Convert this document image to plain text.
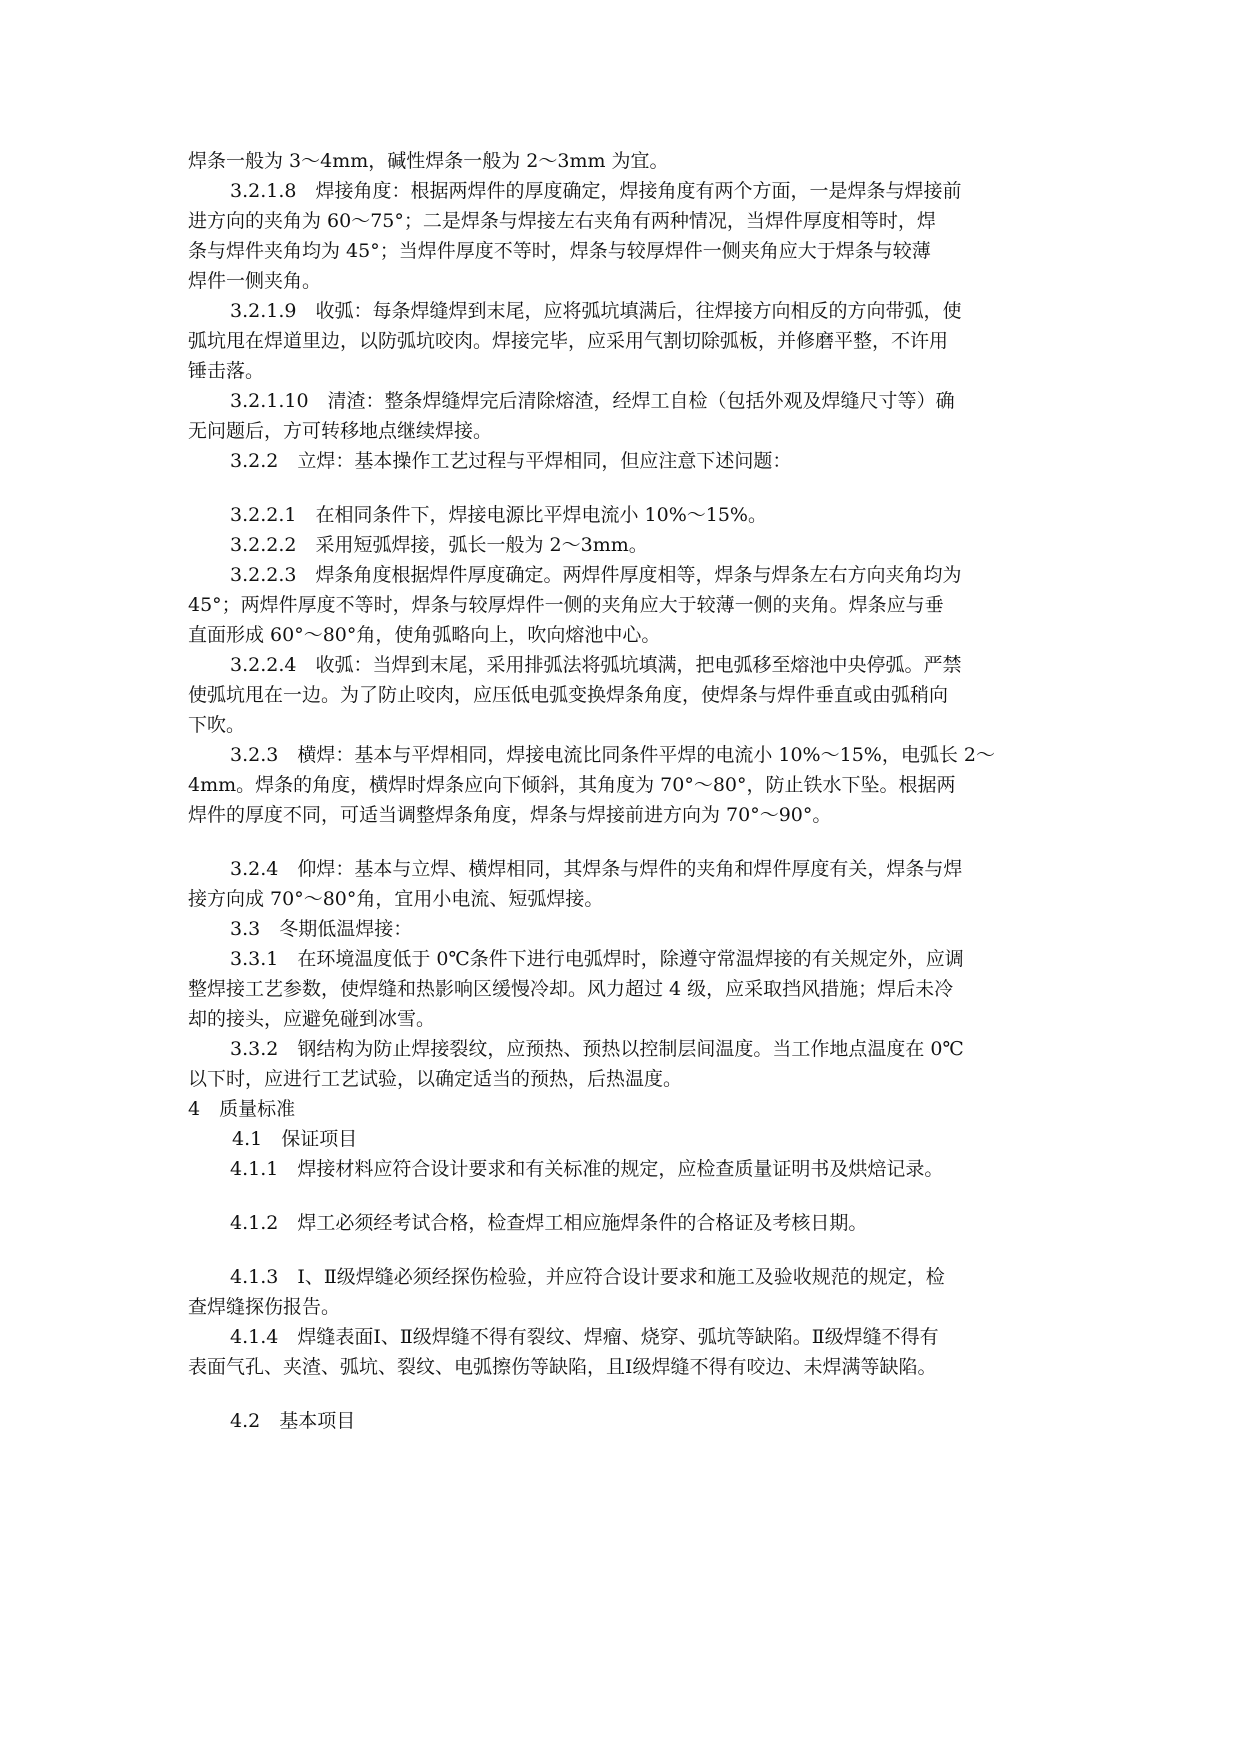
焊条一般为 3～4mm，碱性焊条一般为 2～3mm 为宜。
3.2.1.8　焊接角度：根据两焊件的厚度确定，焊接角度有两个方面，一是焊条与焊接前
进方向的夹角为 60～75°；二是焊条与焊接左右夹角有两种情况，当焊件厚度相等时，焊
条与焊件夹角均为 45°；当焊件厚度不等时，焊条与较厚焊件一侧夹角应大于焊条与较薄
焊件一侧夹角。
3.2.1.9　收弧：每条焊缝焊到末尾，应将弧坑填满后，往焊接方向相反的方向带弧，使
弧坑甩在焊道里边，以防弧坑咬肉。焊接完毕，应采用气割切除弧板，并修磨平整，不许用
锤击落。
3.2.1.10　清渣：整条焊缝焊完后清除熔渣，经焊工自检（包括外观及焊缝尺寸等）确
无问题后，方可转移地点继续焊接。
3.2.2　立焊：基本操作工艺过程与平焊相同，但应注意下述问题：
3.2.2.1　在相同条件下，焊接电源比平焊电流小 10%～15%。
3.2.2.2　采用短弧焊接，弧长一般为 2～3mm。
3.2.2.3　焊条角度根据焊件厚度确定。两焊件厚度相等，焊条与焊条左右方向夹角均为
45°；两焊件厚度不等时，焊条与较厚焊件一侧的夹角应大于较薄一侧的夹角。焊条应与垂
直面形成 60°～80°角，使角弧略向上，吹向熔池中心。
3.2.2.4　收弧：当焊到末尾，采用排弧法将弧坑填满，把电弧移至熔池中央停弧。严禁
使弧坑甩在一边。为了防止咬肉，应压低电弧变换焊条角度，使焊条与焊件垂直或由弧稍向
下吹。
3.2.3　横焊：基本与平焊相同，焊接电流比同条件平焊的电流小 10%～15%，电弧长 2～
4mm。焊条的角度，横焊时焊条应向下倾斜，其角度为 70°～80°，防止铁水下坠。根据两
焊件的厚度不同，可适当调整焊条角度，焊条与焊接前进方向为 70°～90°。
3.2.4　仰焊：基本与立焊、横焊相同，其焊条与焊件的夹角和焊件厚度有关，焊条与焊
接方向成 70°～80°角，宜用小电流、短弧焊接。
3.3　冬期低温焊接：
3.3.1　在环境温度低于 0℃条件下进行电弧焊时，除遵守常温焊接的有关规定外，应调
整焊接工艺参数，使焊缝和热影响区缓慢冷却。风力超过 4 级，应采取挡风措施；焊后未冷
却的接头，应避免碰到冰雪。
3.3.2　钢结构为防止焊接裂纹，应预热、预热以控制层间温度。当工作地点温度在 0℃
以下时，应进行工艺试验，以确定适当的预热，后热温度。
4　质量标准
4.1　保证项目
4.1.1　焊接材料应符合设计要求和有关标准的规定，应检查质量证明书及烘焙记录。
4.1.2　焊工必须经考试合格，检查焊工相应施焊条件的合格证及考核日期。
4.1.3　Ⅰ、Ⅱ级焊缝必须经探伤检验，并应符合设计要求和施工及验收规范的规定，检
查焊缝探伤报告。
4.1.4　焊缝表面Ⅰ、Ⅱ级焊缝不得有裂纹、焊瘤、烧穿、弧坑等缺陷。Ⅱ级焊缝不得有
表面气孔、夹渣、弧坑、裂纹、电弧擦伤等缺陷，且Ⅰ级焊缝不得有咬边、未焊满等缺陷。
4.2　基本项目
